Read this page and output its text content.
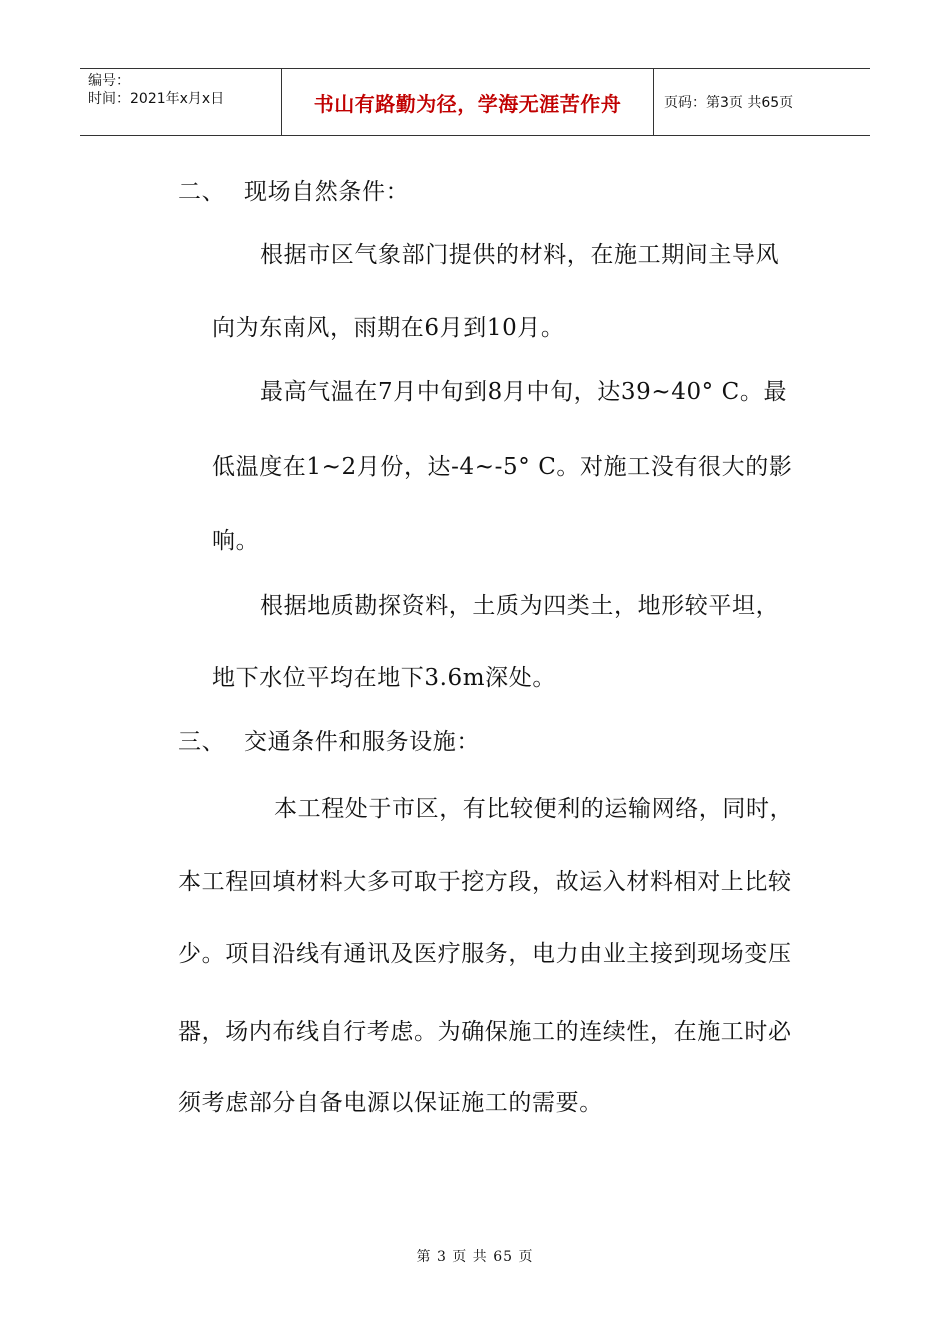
编号：
时间：2021年x月x日	书山有路勤为径，学海无涯苦作舟	页码：第3页 共65页
二、 现场自然条件：
根据市区气象部门提供的材料，在施工期间主导风
向为东南风，雨期在6月到10月。
最高气温在7月中旬到8月中旬，达39~40° C。最
低温度在1~2月份，达-4~-5° C。对施工没有很大的影
响。
根据地质勘探资料，土质为四类土，地形较平坦，
地下水位平均在地下3.6m深处。
三、 交通条件和服务设施：
本工程处于市区，有比较便利的运输网络，同时，
本工程回填材料大多可取于挖方段，故运入材料相对上比较
少。项目沿线有通讯及医疗服务，电力由业主接到现场变压
器，场内布线自行考虑。为确保施工的连续性，在施工时必
须考虑部分自备电源以保证施工的需要。
第 3 页 共 65 页
